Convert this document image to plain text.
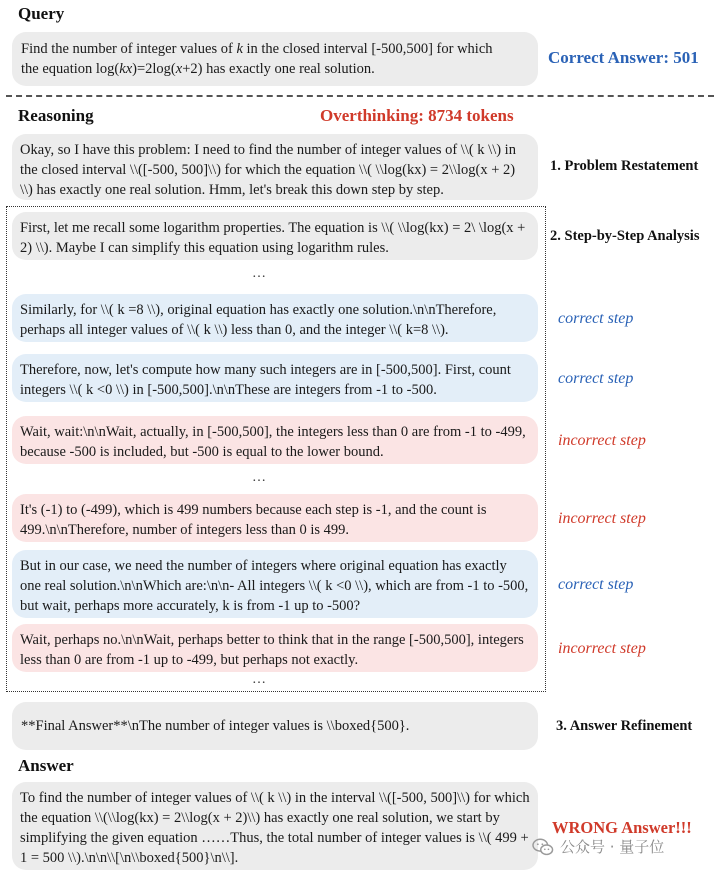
Query
Find the number of integer values of k in the closed interval [-500,500] for which
the equation log(kx)=2log(x+2) has exactly one real solution.
Correct Answer: 501
Reasoning	Overthinking: 8734 tokens
Okay, so I have this problem: I need to find the number of integer values of \\( k \\) in the closed interval \\([-500, 500]\\) for which the equation \\( \\log(kx) = 2\\log(x + 2) \\) has exactly one real solution. Hmm, let's break this down step by step.
1. Problem Restatement
First, let me recall some logarithm properties. The equation is \\( \\log(kx) = 2\ \log(x + 2) \\). Maybe I can simplify this equation using logarithm rules.
2. Step-by-Step Analysis
…
Similarly, for \\( k =8 \\), original equation has exactly one solution.\n\nTherefore, perhaps all integer values of \\( k \\) less than 0, and the integer \\( k=8 \\).
correct step
Therefore, now, let's compute how many such integers are in [-500,500]. First, count integers \\( k <0 \\) in [-500,500].\n\nThese are integers from -1 to -500.
correct step
Wait, wait:\n\nWait, actually, in [-500,500], the integers less than 0 are from -1 to -499, because -500 is included, but -500 is equal to the lower bound.
incorrect step
…
It's (-1) to (-499), which is 499 numbers because each step is -1, and the count is 499.\n\nTherefore, number of integers less than 0 is 499.
incorrect step
But in our case, we need the number of integers where original equation has exactly one real solution.\n\nWhich are:\n\n- All integers \\( k <0 \\), which are from -1 to -500, but wait, perhaps more accurately, k is from -1 up to -500?
correct step
Wait, perhaps no.\n\nWait, perhaps better to think that in the range [-500,500], integers less than 0 are from -1 up to -499, but perhaps not exactly.
incorrect step
…
**Final Answer**\nThe number of integer values is \\boxed{500}.	3. Answer Refinement
Answer
To find the number of integer values of \\( k \\) in the interval \\([-500, 500]\\) for which the equation \\(\\log(kx) = 2\\log(x + 2)\\) has exactly one real solution, we start by simplifying the given equation ……Thus, the total number of integer values is \\( 499 + 1 = 500 \\).\n\n\\[\n\\boxed{500}\n\\].
WRONG Answer!!!
公众号 · 量子位
